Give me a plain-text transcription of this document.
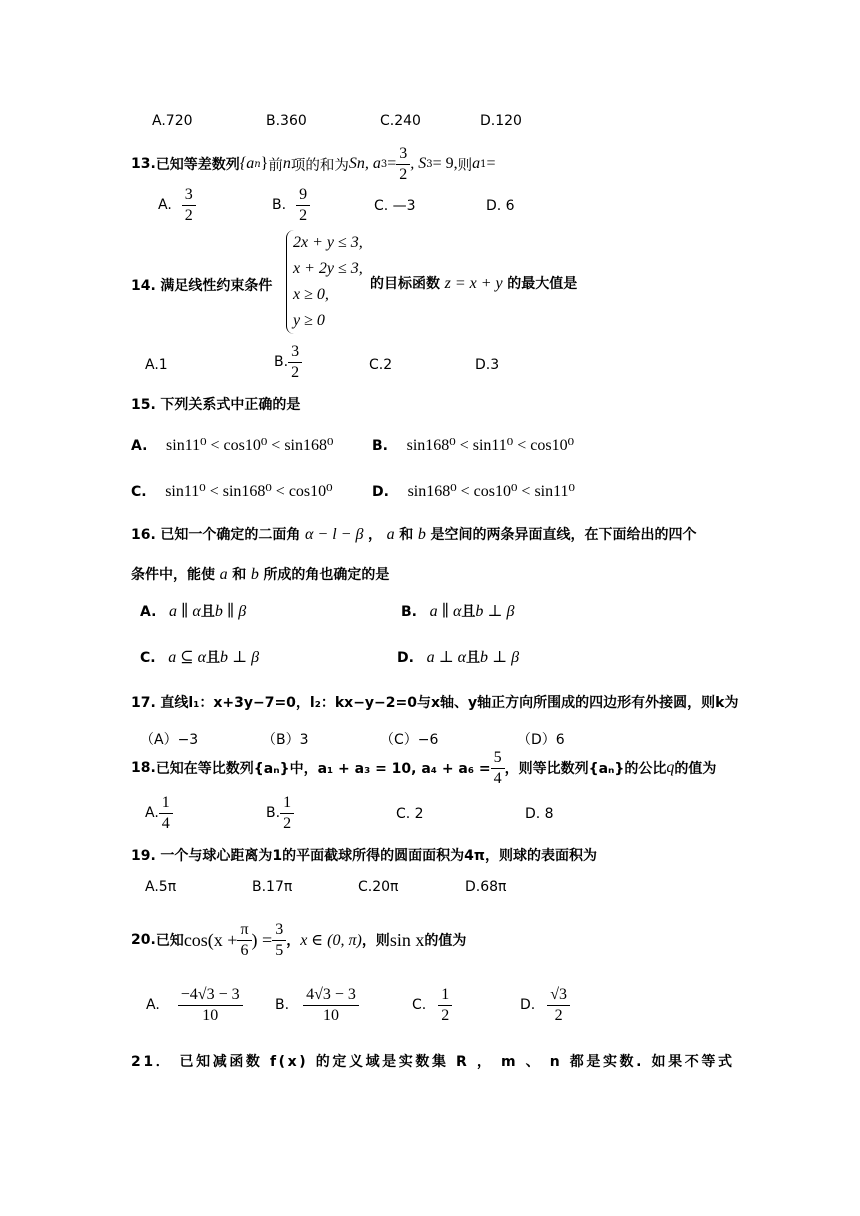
A.720	B.360	C.240	D.120
13. 已知等差数列 {a n } 前 n 项的和为 S n , a $3 = \frac{3}{2}$ , S 3 = 9, 则 a 1 =
A. $\frac{3}{2}$	B. $\frac{9}{2}$	C. —3	D. 6
14. 满足线性约束条件
2x + y ≤ 3,
x + 2y ≤ 3,
x ≥ 0,
y ≥ 0
的目标函数 z = x + y 的最大值是
A.1	B. $\frac{3}{2}$	C.2	D.3
15. 下列关系式中正确的是
A. sin11⁰ < cos10⁰ < sin168⁰	B. sin168⁰ < sin11⁰ < cos10⁰
C. sin11⁰ < sin168⁰ < cos10⁰	D. sin168⁰ < cos10⁰ < sin11⁰
16. 已知一个确定的二面角 α − l − β ， a 和 b 是空间的两条异面直线，在下面给出的四个
条件中，能使 a 和 b 所成的角也确定的是
A. a ∥ α且b ∥ β	B. a ∥ α且b ⊥ β
C. a ⊆ α且b ⊥ β	D. a ⊥ α且b ⊥ β
17. 直线l₁：x+3y−7=0，l₂：kx−y−2=0与x轴、y轴正方向所围成的四边形有外接圆，则k为
（A）−3	（B）3	（C）−6	（D）6
18. 已知在等比数列{aₙ}中，a₁ + a₃ = 10, $a_4 + a_6 = \frac{5}{4}$ ，则等比数列{aₙ}的公比 q 的值为
A. $\frac{1}{4}$	B. $\frac{1}{2}$	C. 2	D. 8
19. 一个与球心距离为1的平面截球所得的圆面面积为4π，则球的表面积为
A.5π	B.17π	C.20π	D.68π
20. 已知 $\cos(x + \frac{\pi}{6}$ ) = $\frac{3}{5}$ ， x ∈ (0, π) ，则 sin x 的值为
A. $\frac{-4√3 - 3}{10} B$. $\frac{4√3 - 3}{10}$	C. $\frac{1}{2}$	D. $\frac{√3}{2}$
21． 已知减函数 f(x) 的定义域是实数集 R ， m 、 n 都是实数. 如果不等式
